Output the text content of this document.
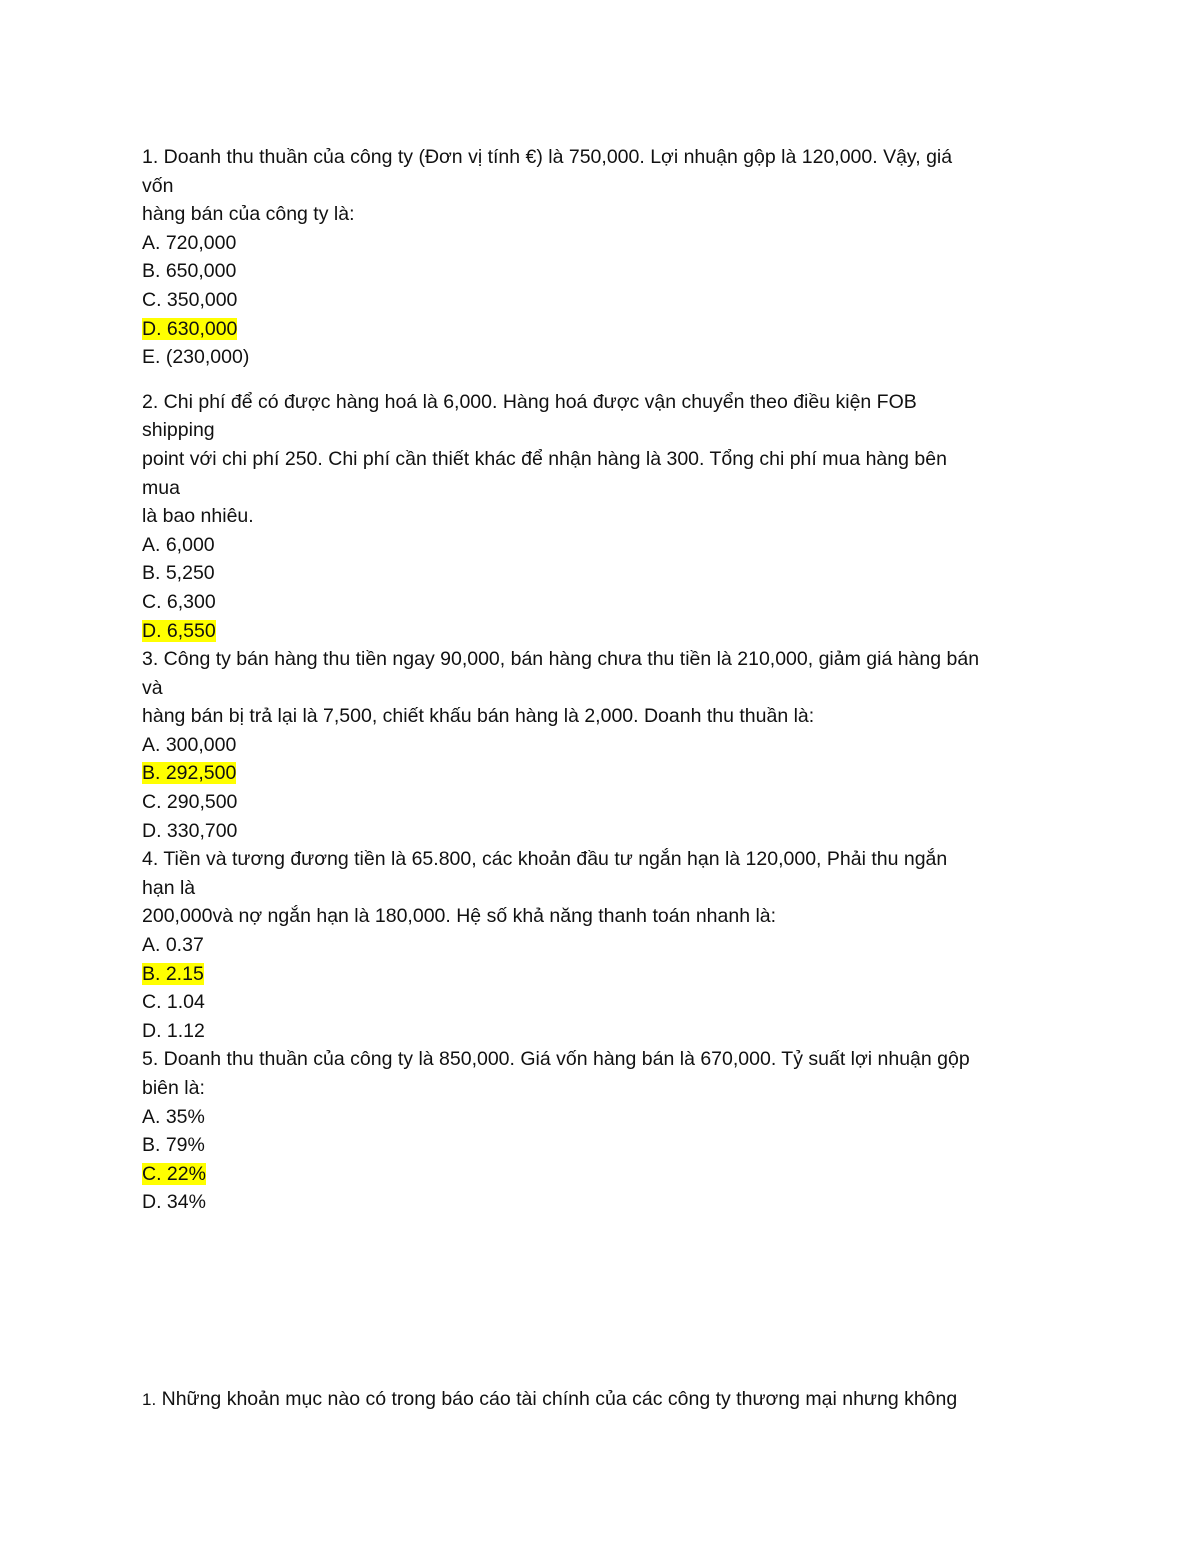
1. Doanh thu thuần của công ty (Đơn vị tính €) là 750,000. Lợi nhuận gộp là 120,000. Vậy, giá
vốn
hàng bán của công ty là:
A. 720,000
B. 650,000
C. 350,000
D. 630,000
E. (230,000)
2. Chi phí để có được hàng hoá là 6,000. Hàng hoá được vận chuyển theo điều kiện FOB
shipping
point với chi phí 250. Chi phí cần thiết khác để nhận hàng là 300. Tổng chi phí mua hàng bên
mua
là bao nhiêu.
A. 6,000
B. 5,250
C. 6,300
D. 6,550
3. Công ty bán hàng thu tiền ngay 90,000, bán hàng chưa thu tiền là 210,000, giảm giá hàng bán
và
hàng bán bị trả lại là 7,500, chiết khấu bán hàng là 2,000. Doanh thu thuần là:
A. 300,000
B. 292,500
C. 290,500
D. 330,700
4. Tiền và tương đương tiền là 65.800, các khoản đầu tư ngắn hạn là 120,000, Phải thu ngắn
hạn là
200,000và nợ ngắn hạn là 180,000. Hệ số khả năng thanh toán nhanh là:
A. 0.37
B. 2.15
C. 1.04
D. 1.12
5. Doanh thu thuần của công ty là 850,000. Giá vốn hàng bán là 670,000. Tỷ suất lợi nhuận gộp
biên là:
A. 35%
B. 79%
C. 22%
D. 34%
1. Những khoản mục nào có trong báo cáo tài chính của các công ty thương mại nhưng không
